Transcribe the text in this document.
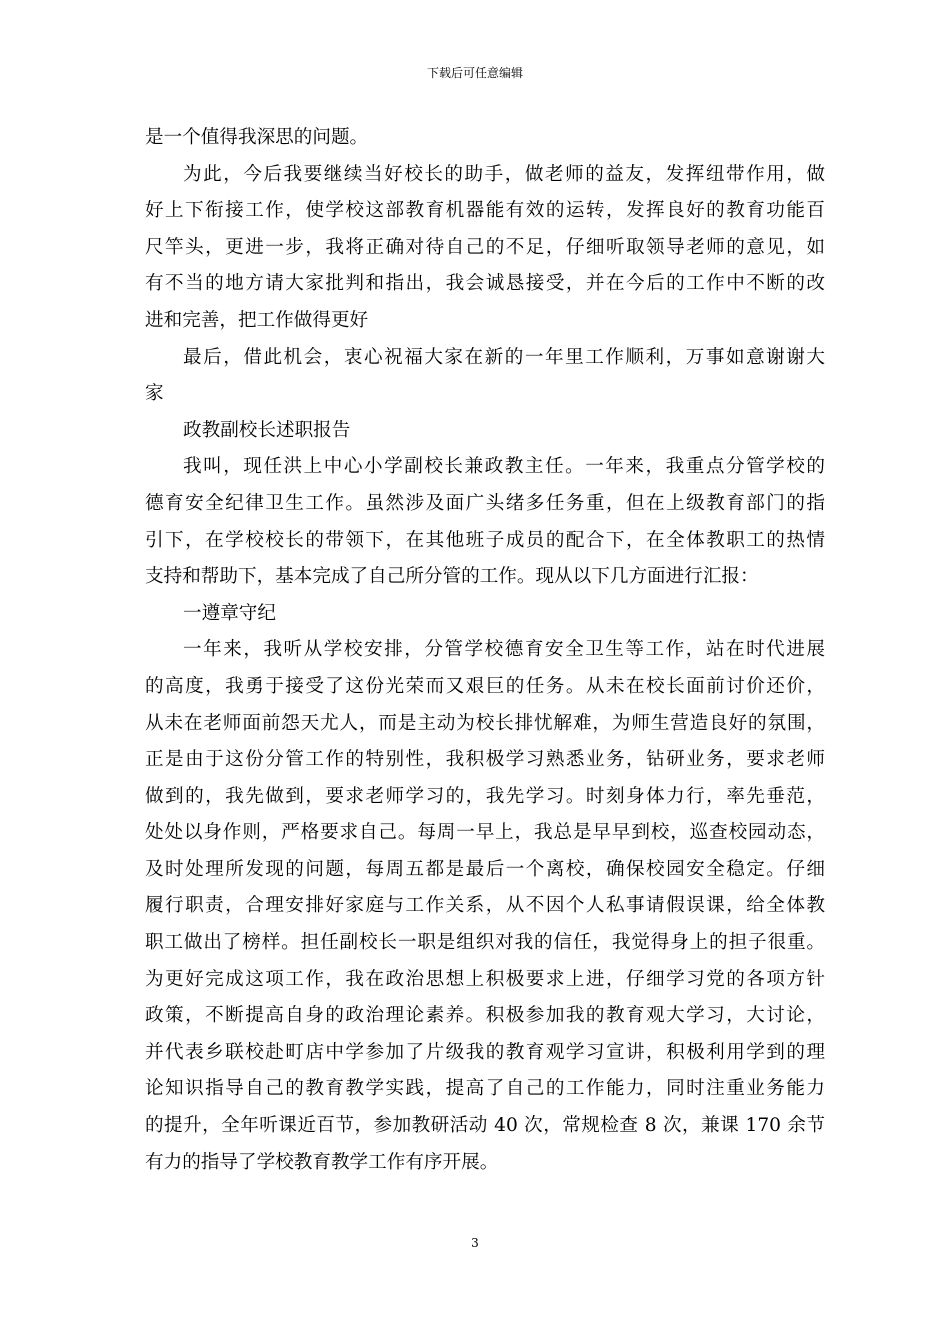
下载后可任意编辑
是一个值得我深思的问题。
为此，今后我要继续当好校长的助手，做老师的益友，发挥纽带作用，做
好上下衔接工作，使学校这部教育机器能有效的运转，发挥良好的教育功能百
尺竿头，更进一步，我将正确对待自己的不足，仔细听取领导老师的意见，如
有不当的地方请大家批判和指出，我会诚恳接受，并在今后的工作中不断的改
进和完善，把工作做得更好
最后，借此机会，衷心祝福大家在新的一年里工作顺利，万事如意谢谢大
家
政教副校长述职报告
我叫，现任洪上中心小学副校长兼政教主任。一年来，我重点分管学校的
德育安全纪律卫生工作。虽然涉及面广头绪多任务重，但在上级教育部门的指
引下，在学校校长的带领下，在其他班子成员的配合下，在全体教职工的热情
支持和帮助下，基本完成了自己所分管的工作。现从以下几方面进行汇报：
一遵章守纪
一年来，我听从学校安排，分管学校德育安全卫生等工作，站在时代进展
的高度，我勇于接受了这份光荣而又艰巨的任务。从未在校长面前讨价还价，
从未在老师面前怨天尤人，而是主动为校长排忧解难，为师生营造良好的氛围，
正是由于这份分管工作的特别性，我积极学习熟悉业务，钻研业务，要求老师
做到的，我先做到，要求老师学习的，我先学习。时刻身体力行，率先垂范，
处处以身作则，严格要求自己。每周一早上，我总是早早到校，巡查校园动态，
及时处理所发现的问题，每周五都是最后一个离校，确保校园安全稳定。仔细
履行职责，合理安排好家庭与工作关系，从不因个人私事请假误课，给全体教
职工做出了榜样。担任副校长一职是组织对我的信任，我觉得身上的担子很重。
为更好完成这项工作，我在政治思想上积极要求上进，仔细学习党的各项方针
政策，不断提高自身的政治理论素养。积极参加我的教育观大学习，大讨论，
并代表乡联校赴町店中学参加了片级我的教育观学习宣讲，积极利用学到的理
论知识指导自己的教育教学实践，提高了自己的工作能力，同时注重业务能力
的提升，全年听课近百节，参加教研活动 40 次，常规检查 8 次，兼课 170 余节
有力的指导了学校教育教学工作有序开展。
3
